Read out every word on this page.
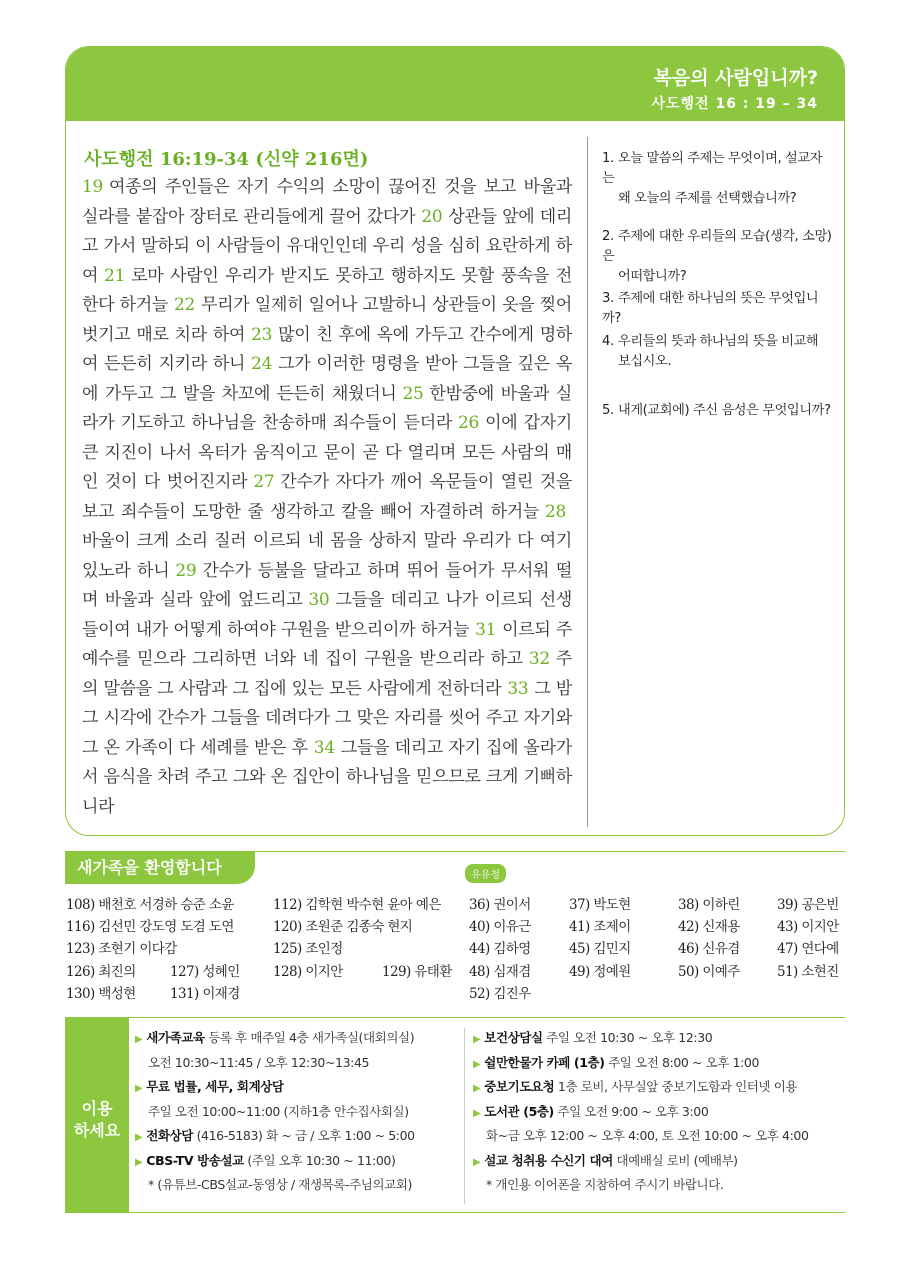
복음의 사람입니까?
사도행전 16 : 19 – 34
사도행전 16:19-34 (신약 216면)
19 여종의 주인들은 자기 수익의 소망이 끊어진 것을 보고 바울과 실라를 붙잡아 장터로 관리들에게 끌어 갔다가 20 상관들 앞에 데리고 가서 말하되 이 사람들이 유대인인데 우리 성을 심히 요란하게 하여 21 로마 사람인 우리가 받지도 못하고 행하지도 못할 풍속을 전한다 하거늘 22 무리가 일제히 일어나 고발하니 상관들이 옷을 찢어 벗기고 매로 치라 하여 23 많이 친 후에 옥에 가두고 간수에게 명하여 든든히 지키라 하니 24 그가 이러한 명령을 받아 그들을 깊은 옥에 가두고 그 발을 차꼬에 든든히 채웠더니 25 한밤중에 바울과 실라가 기도하고 하나님을 찬송하매 죄수들이 듣더라 26 이에 갑자기 큰 지진이 나서 옥터가 움직이고 문이 곧 다 열리며 모든 사람의 매인 것이 다 벗어진지라 27 간수가 자다가 깨어 옥문들이 열린 것을 보고 죄수들이 도망한 줄 생각하고 칼을 빼어 자결하려 하거늘 28바울이 크게 소리 질러 이르되 네 몸을 상하지 말라 우리가 다 여기 있노라 하니 29 간수가 등불을 달라고 하며 뛰어 들어가 무서워 떨며 바울과 실라 앞에 엎드리고 30 그들을 데리고 나가 이르되 선생들이여 내가 어떻게 하여야 구원을 받으리이까 하거늘 31 이르되 주 예수를 믿으라 그리하면 너와 네 집이 구원을 받으리라 하고 32 주의 말씀을 그 사람과 그 집에 있는 모든 사람에게 전하더라 33 그 밤 그 시각에 간수가 그들을 데려다가 그 맞은 자리를 씻어 주고 자기와 그 온 가족이 다 세례를 받은 후 34 그들을 데리고 자기 집에 올라가서 음식을 차려 주고 그와 온 집안이 하나님을 믿으므로 크게 기뻐하니라
1. 오늘 말씀의 주제는 무엇이며, 설교자는
왜 오늘의 주제를 선택했습니까?
2. 주제에 대한 우리들의 모습(생각, 소망)은
어떠합니까?
3. 주제에 대한 하나님의 뜻은 무엇입니까?
4. 우리들의 뜻과 하나님의 뜻을 비교해
보십시오.
5. 내게(교회에) 주신 음성은 무엇입니까?
새가족을 환영합니다	유유청
108) 배천호 서경하 승준 소윤	112) 김학현 박수현 윤아 예은
116) 김선민 강도영 도겸 도연	120) 조원준 김종숙 현지
123) 조현기 이다감	125) 조인정
126) 최진의	127) 성혜인 128) 이지안	129) 유태환
130) 백성현	131) 이재경
36) 권이서	37) 박도현	38) 이하린	39) 공은빈
40) 이유근	41) 조제이	42) 신재용	43) 이지안
44) 김하영	45) 김민지	46) 신유겸	47) 연다예
48) 심재겸	49) 정예원	50) 이예주	51) 소현진
52) 김진우
이용
하세요
▶ 새가족교육 등록 후 매주일 4층 새가족실(대회의실)
오전 10:30~11:45 / 오후 12:30~13:45
▶ 무료 법률, 세무, 회계상담
주일 오전 10:00~11:00 (지하1층 안수집사회실)
▶ 전화상담 (416-5183) 화 ~ 금 / 오후 1:00 ~ 5:00
▶ CBS-TV 방송설교 (주일 오후 10:30 ~ 11:00)
* (유튜브-CBS설교-동영상 / 재생목록-주님의교회)
▶ 보건상담실 주일 오전 10:30 ~ 오후 12:30
▶ 쉴만한물가 카페 (1층) 주일 오전 8:00 ~ 오후 1:00
▶ 중보기도요청 1층 로비, 사무실앞 중보기도함과 인터넷 이용
▶ 도서관 (5층) 주일 오전 9:00 ~ 오후 3:00
화~금 오후 12:00 ~ 오후 4:00, 토 오전 10:00 ~ 오후 4:00
▶ 설교 청취용 수신기 대여 대예배실 로비 (예배부)
* 개인용 이어폰을 지참하여 주시기 바랍니다.
